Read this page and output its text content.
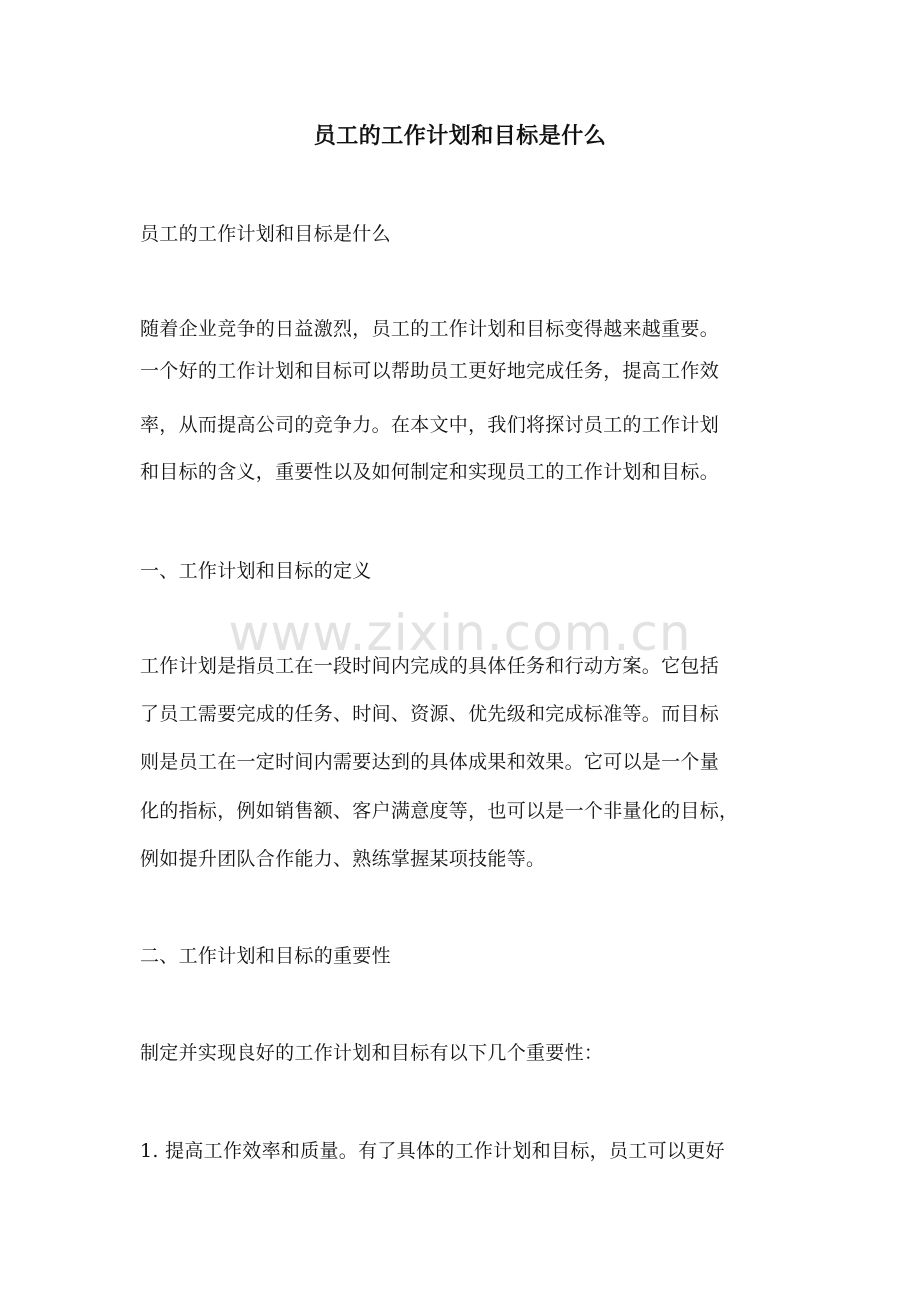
员工的工作计划和目标是什么
员工的工作计划和目标是什么
随着企业竞争的日益激烈，员工的工作计划和目标变得越来越重要。
一个好的工作计划和目标可以帮助员工更好地完成任务，提高工作效
率，从而提高公司的竞争力。在本文中，我们将探讨员工的工作计划
和目标的含义，重要性以及如何制定和实现员工的工作计划和目标。
一、工作计划和目标的定义
工作计划是指员工在一段时间内完成的具体任务和行动方案。它包括
了员工需要完成的任务、时间、资源、优先级和完成标准等。而目标
则是员工在一定时间内需要达到的具体成果和效果。它可以是一个量
化的指标，例如销售额、客户满意度等，也可以是一个非量化的目标，
例如提升团队合作能力、熟练掌握某项技能等。
二、工作计划和目标的重要性
制定并实现良好的工作计划和目标有以下几个重要性：
1. 提高工作效率和质量。有了具体的工作计划和目标，员工可以更好
www.zixin.com.cn
